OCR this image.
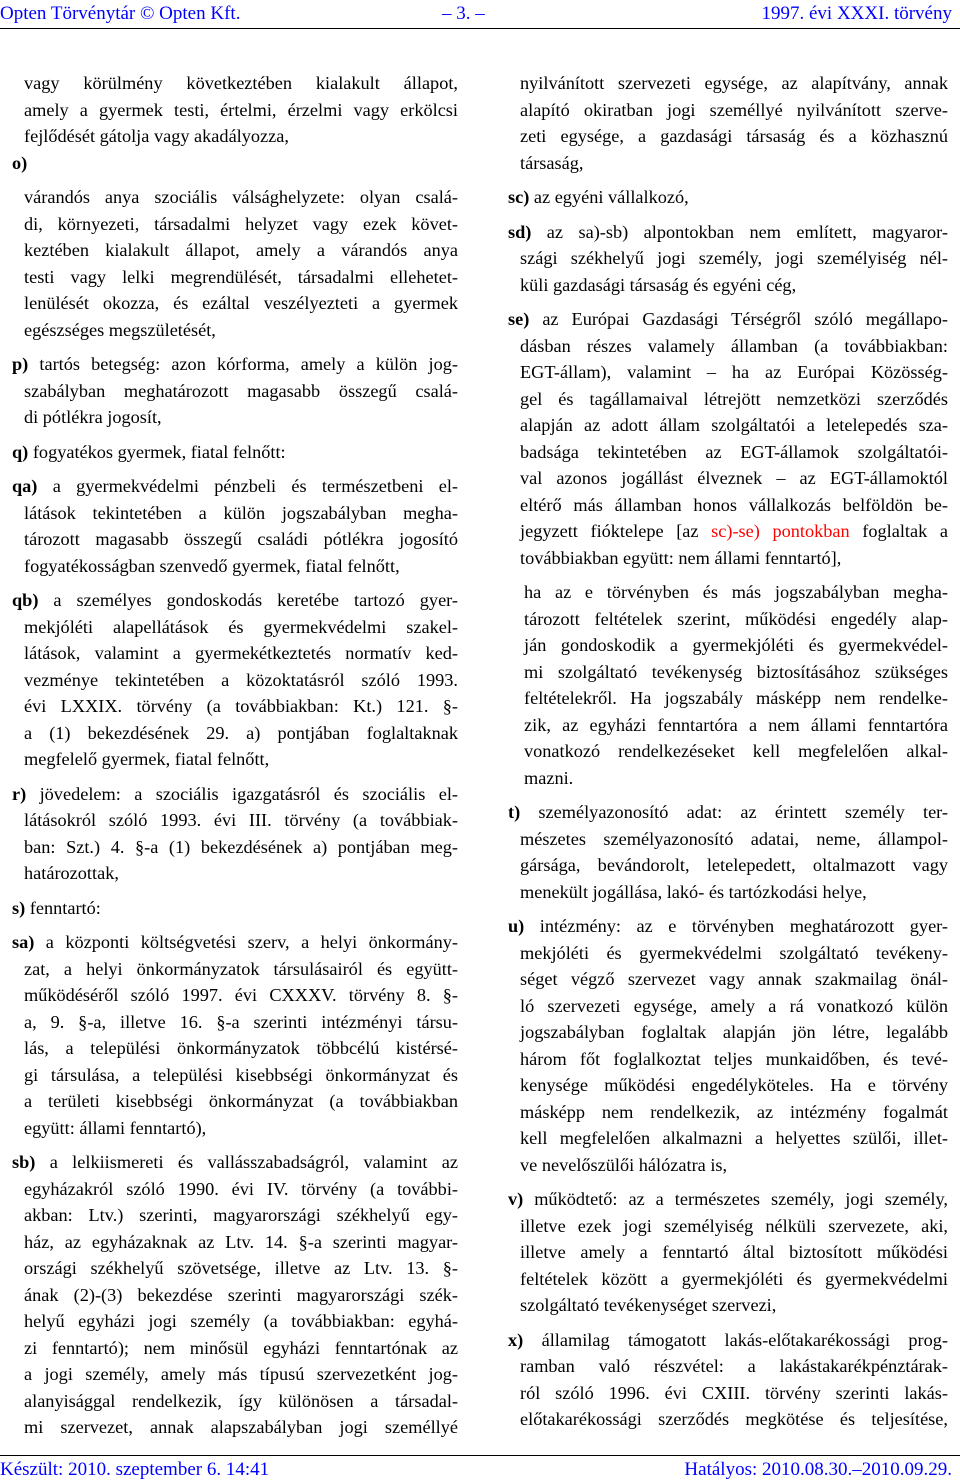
Opten Törvénytár © Opten Kft.	– 3. –	1997. évi XXXI. törvény
vagy körülmény következtében kialakult állapot,
amely a gyermek testi, értelmi, érzelmi vagy erkölcsi
fejlődését gátolja vagy akadályozza,
o)
várandós anya szociális válsághelyzete: olyan csalá-
di, környezeti, társadalmi helyzet vagy ezek követ-
keztében kialakult állapot, amely a várandós anya
testi vagy lelki megrendülését, társadalmi ellehetet-
lenülését okozza, és ezáltal veszélyezteti a gyermek
egészséges megszületését,
p) tartós betegség: azon kórforma, amely a külön jog-
szabályban meghatározott magasabb összegű csalá-
di pótlékra jogosít,
q) fogyatékos gyermek, fiatal felnőtt:
qa) a gyermekvédelmi pénzbeli és természetbeni el-
látások tekintetében a külön jogszabályban megha-
tározott magasabb összegű családi pótlékra jogosító
fogyatékosságban szenvedő gyermek, fiatal felnőtt,
qb) a személyes gondoskodás keretébe tartozó gyer-
mekjóléti alapellátások és gyermekvédelmi szakel-
látások, valamint a gyermekétkeztetés normatív ked-
vezménye tekintetében a közoktatásról szóló 1993.
évi LXXIX. törvény (a továbbiakban: Kt.) 121. §-
a (1) bekezdésének 29. a) pontjában foglaltaknak
megfelelő gyermek, fiatal felnőtt,
r) jövedelem: a szociális igazgatásról és szociális el-
látásokról szóló 1993. évi III. törvény (a továbbiak-
ban: Szt.) 4. §-a (1) bekezdésének a) pontjában meg-
határozottak,
s) fenntartó:
sa) a központi költségvetési szerv, a helyi önkormány-
zat, a helyi önkormányzatok társulásairól és együtt-
működéséről szóló 1997. évi CXXXV. törvény 8. §-
a, 9. §-a, illetve 16. §-a szerinti intézményi társu-
lás, a települési önkormányzatok többcélú kistérsé-
gi társulása, a települési kisebbségi önkormányzat és
a területi kisebbségi önkormányzat (a továbbiakban
együtt: állami fenntartó),
sb) a lelkiismereti és vallásszabadságról, valamint az
egyházakról szóló 1990. évi IV. törvény (a további-
akban: Ltv.) szerinti, magyarországi székhelyű egy-
ház, az egyházaknak az Ltv. 14. §-a szerinti magyar-
országi székhelyű szövetsége, illetve az Ltv. 13. §-
ának (2)-(3) bekezdése szerinti magyarországi szék-
helyű egyházi jogi személy (a továbbiakban: egyhá-
zi fenntartó); nem minősül egyházi fenntartónak az
a jogi személy, amely más típusú szervezetként jog-
alanyisággal rendelkezik, így különösen a társadal-
mi szervezet, annak alapszabályban jogi személlyé
nyilvánított szervezeti egysége, az alapítvány, annak
alapító okiratban jogi személlyé nyilvánított szerve-
zeti egysége, a gazdasági társaság és a közhasznú
társaság,
sc) az egyéni vállalkozó,
sd) az sa)-sb) alpontokban nem említett, magyaror-
szági székhelyű jogi személy, jogi személyiség nél-
küli gazdasági társaság és egyéni cég,
se) az Európai Gazdasági Térségről szóló megállapo-
dásban részes valamely államban (a továbbiakban:
EGT-állam), valamint – ha az Európai Közösség-
gel és tagállamaival létrejött nemzetközi szerződés
alapján az adott állam szolgáltatói a letelepedés sza-
badsága tekintetében az EGT-államok szolgáltatói-
val azonos jogállást élveznek – az EGT-államoktól
eltérő más államban honos vállalkozás belföldön be-
jegyzett fióktelepe [az sc)-se) pontokban foglaltak a
továbbiakban együtt: nem állami fenntartó],
ha az e törvényben és más jogszabályban megha-
tározott feltételek szerint, működési engedély alap-
ján gondoskodik a gyermekjóléti és gyermekvédel-
mi szolgáltató tevékenység biztosításához szükséges
feltételekről. Ha jogszabály másképp nem rendelke-
zik, az egyházi fenntartóra a nem állami fenntartóra
vonatkozó rendelkezéseket kell megfelelően alkal-
mazni.
t) személyazonosító adat: az érintett személy ter-
mészetes személyazonosító adatai, neme, állampol-
gársága, bevándorolt, letelepedett, oltalmazott vagy
menekült jogállása, lakó- és tartózkodási helye,
u) intézmény: az e törvényben meghatározott gyer-
mekjóléti és gyermekvédelmi szolgáltató tevékeny-
séget végző szervezet vagy annak szakmailag önál-
ló szervezeti egysége, amely a rá vonatkozó külön
jogszabályban foglaltak alapján jön létre, legalább
három főt foglalkoztat teljes munkaidőben, és tevé-
kenysége működési engedélyköteles. Ha e törvény
másképp nem rendelkezik, az intézmény fogalmát
kell megfelelően alkalmazni a helyettes szülői, illet-
ve nevelőszülői hálózatra is,
v) működtető: az a természetes személy, jogi személy,
illetve ezek jogi személyiség nélküli szervezete, aki,
illetve amely a fenntartó által biztosított működési
feltételek között a gyermekjóléti és gyermekvédelmi
szolgáltató tevékenységet szervezi,
x) államilag támogatott lakás-előtakarékossági prog-
ramban való részvétel: a lakástakarékpénztárak-
ról szóló 1996. évi CXIII. törvény szerinti lakás-
előtakarékossági szerződés megkötése és teljesítése,
Készült: 2010. szeptember 6. 14:41	Hatályos: 2010.08.30.–2010.09.29.
